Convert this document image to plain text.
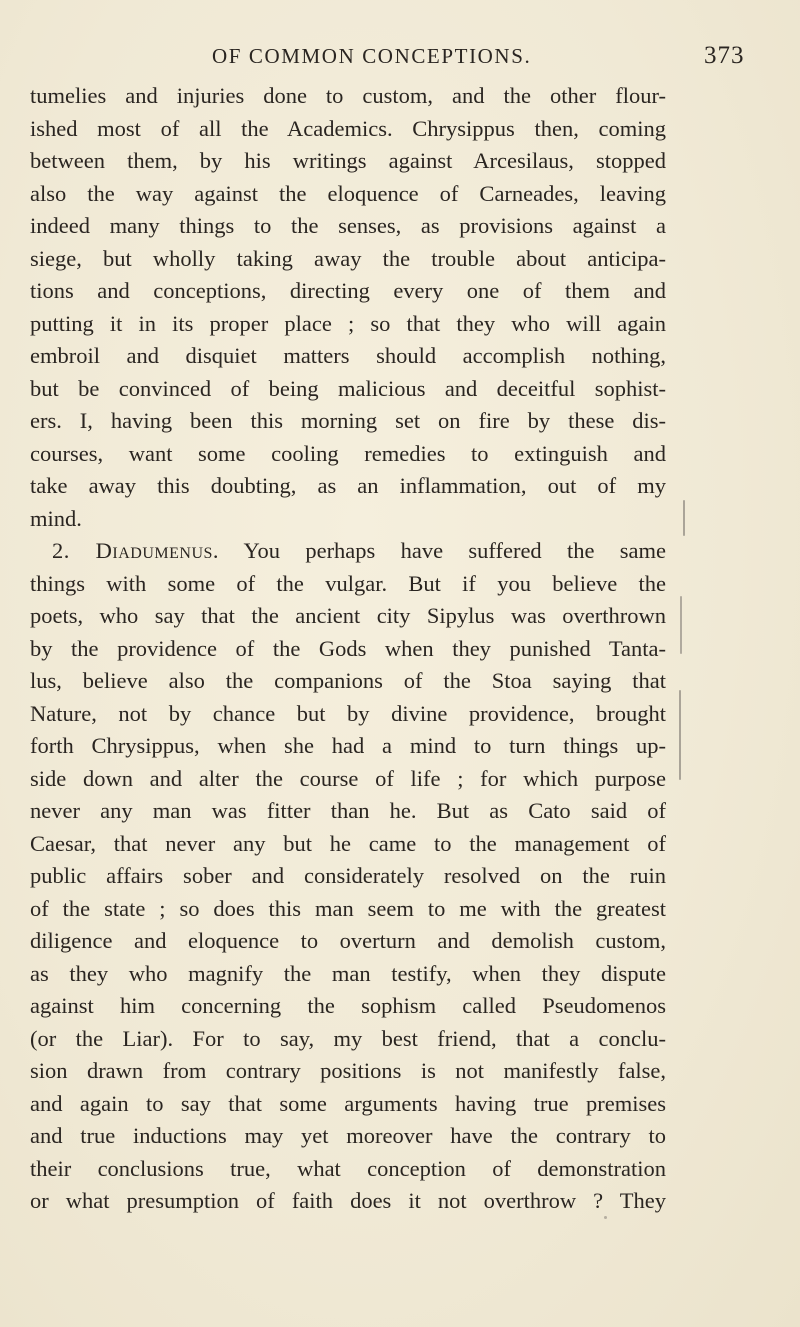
OF COMMON CONCEPTIONS.	373
tumelies and injuries done to custom, and the other flour-
ished most of all the Academics. Chrysippus then, coming
between them, by his writings against Arcesilaus, stopped
also the way against the eloquence of Carneades, leaving
indeed many things to the senses, as provisions against a
siege, but wholly taking away the trouble about anticipa-
tions and conceptions, directing every one of them and
putting it in its proper place ; so that they who will again
embroil and disquiet matters should accomplish nothing,
but be convinced of being malicious and deceitful sophist-
ers. I, having been this morning set on fire by these dis-
courses, want some cooling remedies to extinguish and
take away this doubting, as an inflammation, out of my
mind.
2. Diadumenus. You perhaps have suffered the same
things with some of the vulgar. But if you believe the
poets, who say that the ancient city Sipylus was overthrown
by the providence of the Gods when they punished Tanta-
lus, believe also the companions of the Stoa saying that
Nature, not by chance but by divine providence, brought
forth Chrysippus, when she had a mind to turn things up-
side down and alter the course of life ; for which purpose
never any man was fitter than he. But as Cato said of
Caesar, that never any but he came to the management of
public affairs sober and considerately resolved on the ruin
of the state ; so does this man seem to me with the greatest
diligence and eloquence to overturn and demolish custom,
as they who magnify the man testify, when they dispute
against him concerning the sophism called Pseudomenos
(or the Liar). For to say, my best friend, that a conclu-
sion drawn from contrary positions is not manifestly false,
and again to say that some arguments having true premises
and true inductions may yet moreover have the contrary to
their conclusions true, what conception of demonstration
or what presumption of faith does it not overthrow ? They
